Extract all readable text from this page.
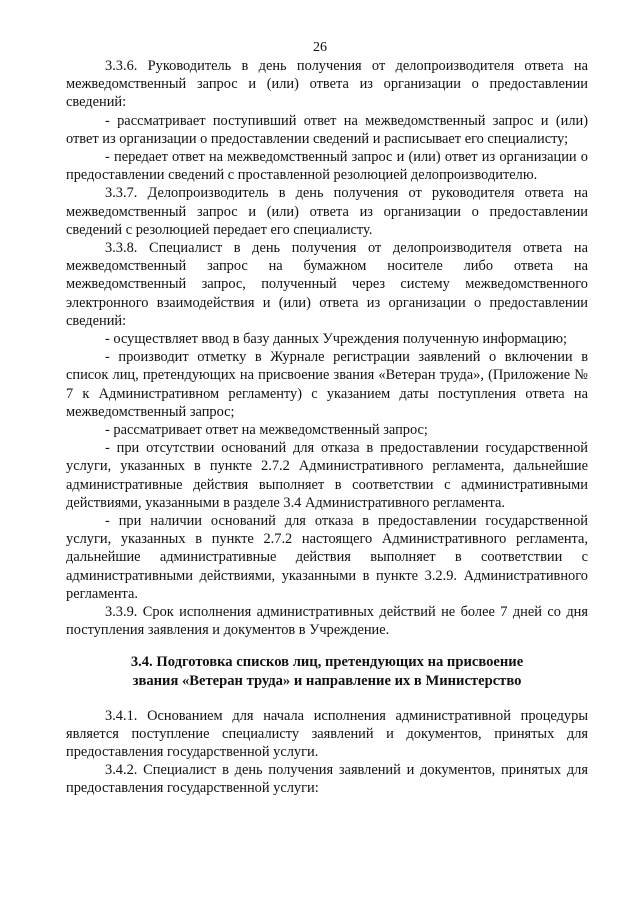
26

3.3.6. Руководитель в день получения от делопроизводителя ответа на межведомственный запрос и (или) ответа из организации о предоставлении сведений:

- рассматривает поступивший ответ на межведомственный запрос и (или) ответ из организации о предоставлении сведений и расписывает его специалисту;

- передает ответ на межведомственный запрос и (или) ответ из организации о предоставлении сведений с проставленной резолюцией делопроизводителю.

3.3.7. Делопроизводитель в день получения от руководителя ответа на межведомственный запрос и (или) ответа из организации о предоставлении сведений с резолюцией передает его специалисту.

3.3.8. Специалист в день получения от делопроизводителя ответа на межведомственный запрос на бумажном носителе либо ответа на межведомственный запрос, полученный через систему межведомственного электронного взаимодействия и (или) ответа из организации о предоставлении сведений:

- осуществляет ввод в базу данных Учреждения полученную информацию;

- производит отметку в Журнале регистрации заявлений о включении в список лиц, претендующих на присвоение звания «Ветеран труда», (Приложение № 7 к Административном регламенту) с указанием даты поступления ответа на межведомственный запрос;

- рассматривает ответ на межведомственный запрос;

- при отсутствии оснований для отказа в предоставлении государственной услуги, указанных в пункте 2.7.2 Административного регламента, дальнейшие административные действия выполняет в соответствии с административными действиями, указанными в разделе 3.4 Административного регламента.

- при наличии оснований для отказа в предоставлении государственной услуги, указанных в пункте 2.7.2 настоящего Административного регламента, дальнейшие административные действия выполняет в соответствии с административными действиями, указанными в пункте 3.2.9. Административного регламента.

3.3.9. Срок исполнения административных действий не более 7 дней со дня поступления заявления и документов в Учреждение.

3.4. Подготовка списков лиц, претендующих на присвоение

звания «Ветеран труда» и направление их в Министерство

3.4.1. Основанием для начала исполнения административной процедуры является поступление специалисту заявлений и документов, принятых для предоставления государственной услуги.

3.4.2. Специалист в день получения заявлений и документов, принятых для предоставления государственной услуги:
